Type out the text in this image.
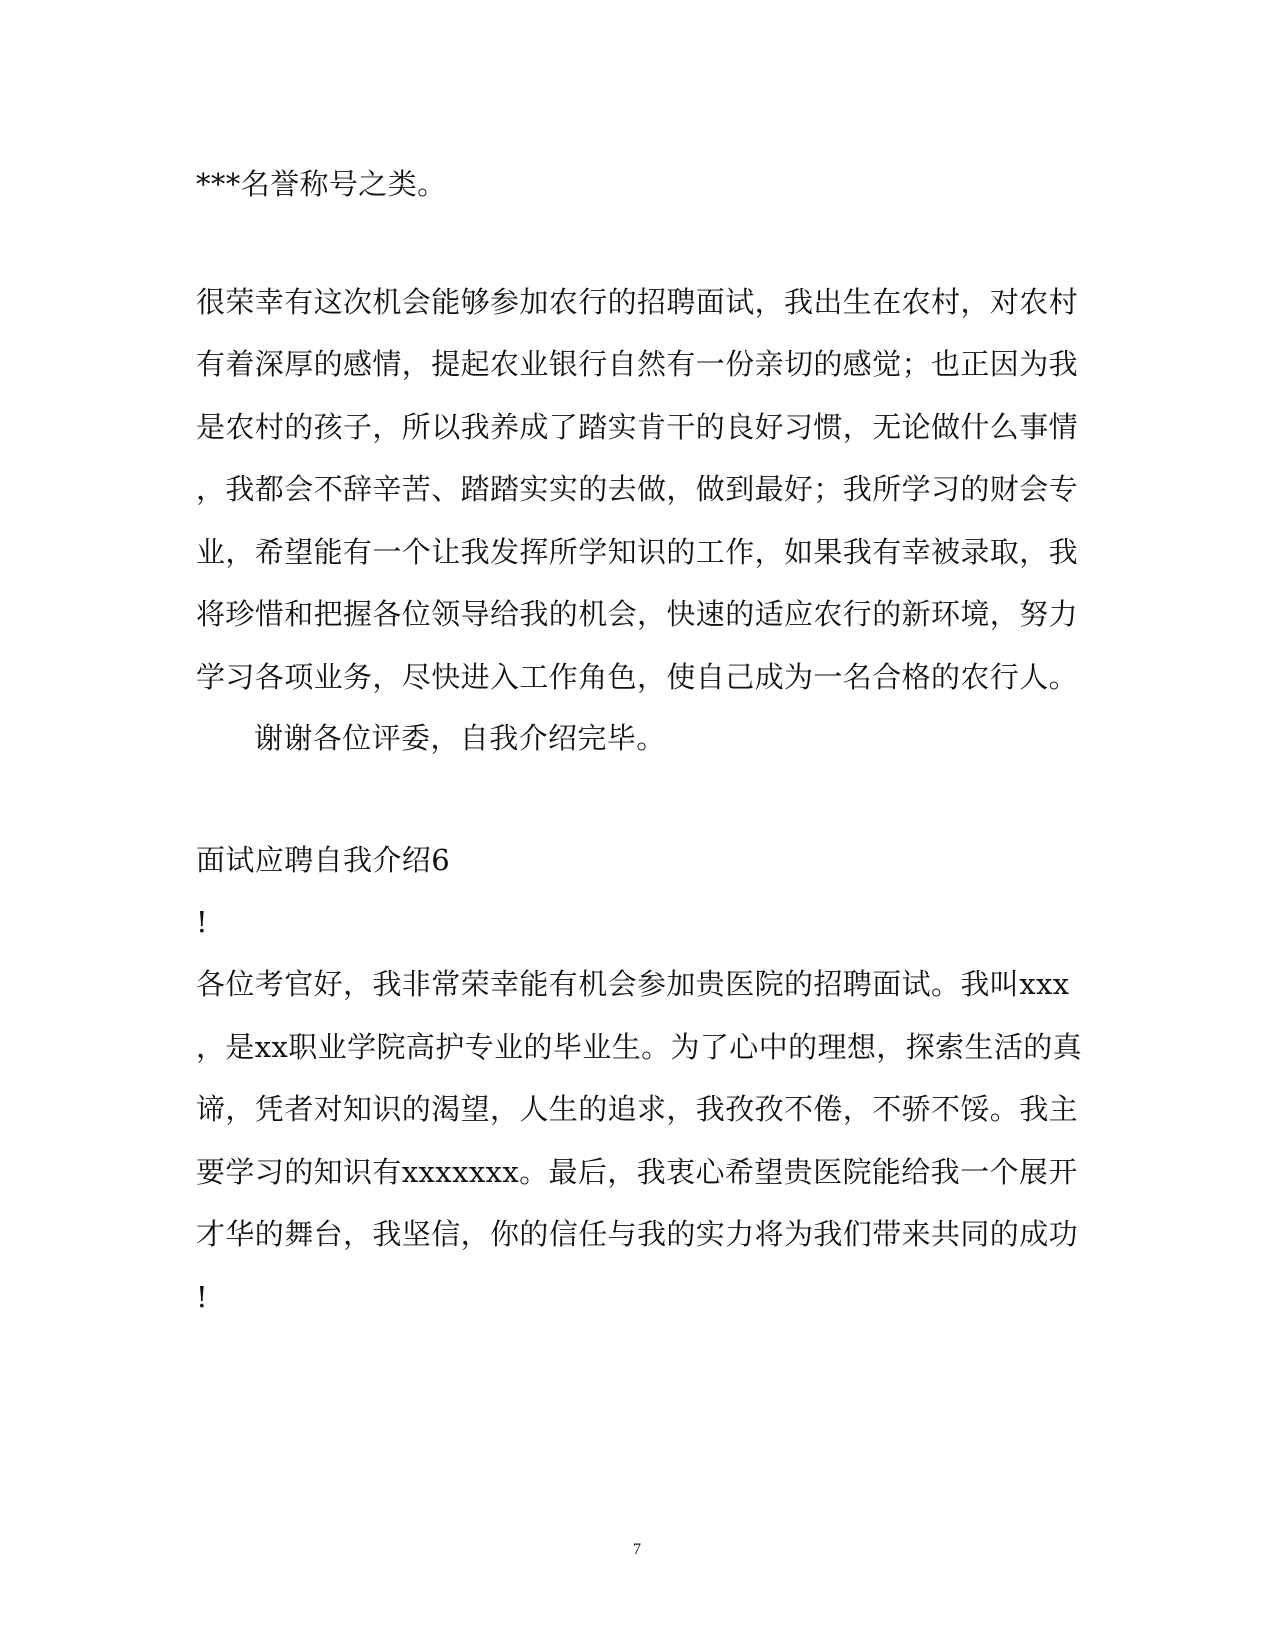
***名誉称号之类。
很荣幸有这次机会能够参加农行的招聘面试，我出生在农村，对农村
有着深厚的感情，提起农业银行自然有一份亲切的感觉；也正因为我
是农村的孩子，所以我养成了踏实肯干的良好习惯，无论做什么事情
，我都会不辞辛苦、踏踏实实的去做，做到最好；我所学习的财会专
业，希望能有一个让我发挥所学知识的工作，如果我有幸被录取，我
将珍惜和把握各位领导给我的机会，快速的适应农行的新环境，努力
学习各项业务，尽快进入工作角色，使自己成为一名合格的农行人。
谢谢各位评委，自我介绍完毕。
面试应聘自我介绍6
!
各位考官好，我非常荣幸能有机会参加贵医院的招聘面试。我叫xxx
，是xx职业学院高护专业的毕业生。为了心中的理想，探索生活的真
谛，凭者对知识的渴望，人生的追求，我孜孜不倦，不骄不馁。我主
要学习的知识有xxxxxxx。最后，我衷心希望贵医院能给我一个展开
才华的舞台，我坚信，你的信任与我的实力将为我们带来共同的成功
!
7
